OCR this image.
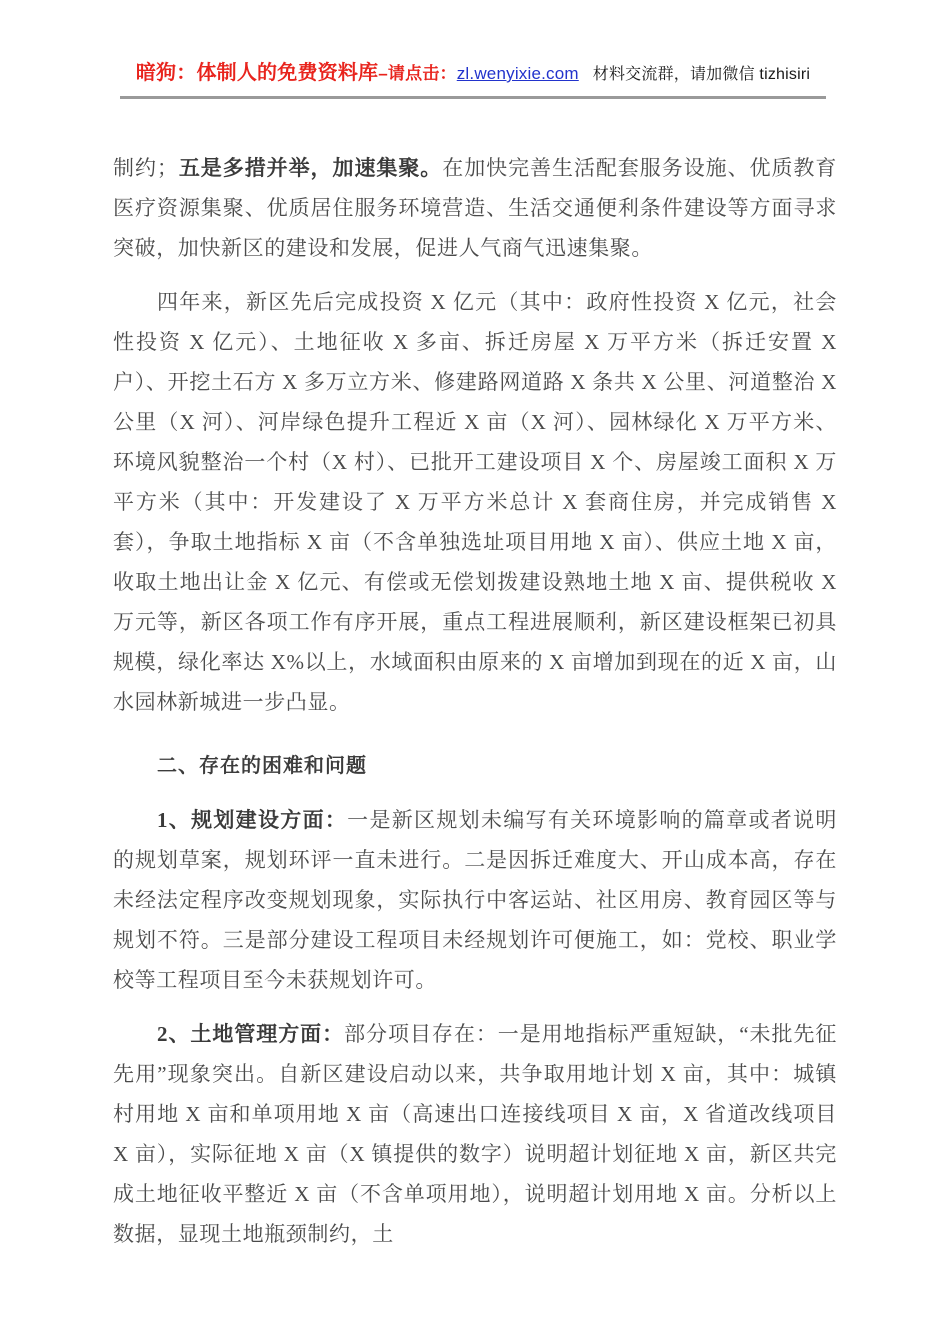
暗狗：体制人的免费资料库–请点击：zl.wenyixie.com 材料交流群，请加微信 tizhisiri

制约；五是多措并举，加速集聚。在加快完善生活配套服务设施、优质教育医疗资源集聚、优质居住服务环境营造、生活交通便利条件建设等方面寻求突破，加快新区的建设和发展，促进人气商气迅速集聚。

四年来，新区先后完成投资 X 亿元（其中：政府性投资 X 亿元，社会性投资 X 亿元）、土地征收 X 多亩、拆迁房屋 X 万平方米（拆迁安置 X 户）、开挖土石方 X 多万立方米、修建路网道路 X 条共 X 公里、河道整治 X 公里（X 河）、河岸绿色提升工程近 X 亩（X 河）、园林绿化 X 万平方米、环境风貌整治一个村（X 村）、已批开工建设项目 X 个、房屋竣工面积 X 万平方米（其中：开发建设了 X 万平方米总计 X 套商住房，并完成销售 X 套），争取土地指标 X 亩（不含单独选址项目用地 X 亩）、供应土地 X 亩，收取土地出让金 X 亿元、有偿或无偿划拨建设熟地土地 X 亩、提供税收 X 万元等，新区各项工作有序开展，重点工程进展顺利，新区建设框架已初具规模，绿化率达 X%以上，水域面积由原来的 X 亩增加到现在的近 X 亩，山水园林新城进一步凸显。

二、存在的困难和问题

1、规划建设方面：一是新区规划未编写有关环境影响的篇章或者说明的规划草案，规划环评一直未进行。二是因拆迁难度大、开山成本高，存在未经法定程序改变规划现象，实际执行中客运站、社区用房、教育园区等与规划不符。三是部分建设工程项目未经规划许可便施工，如：党校、职业学校等工程项目至今未获规划许可。

2、土地管理方面：部分项目存在：一是用地指标严重短缺，“未批先征先用”现象突出。自新区建设启动以来，共争取用地计划 X 亩，其中：城镇村用地 X 亩和单项用地 X 亩（高速出口连接线项目 X 亩，X 省道改线项目 X 亩），实际征地 X 亩（X 镇提供的数字）说明超计划征地 X 亩，新区共完成土地征收平整近 X 亩（不含单项用地），说明超计划用地 X 亩。分析以上数据，显现土地瓶颈制约，土
